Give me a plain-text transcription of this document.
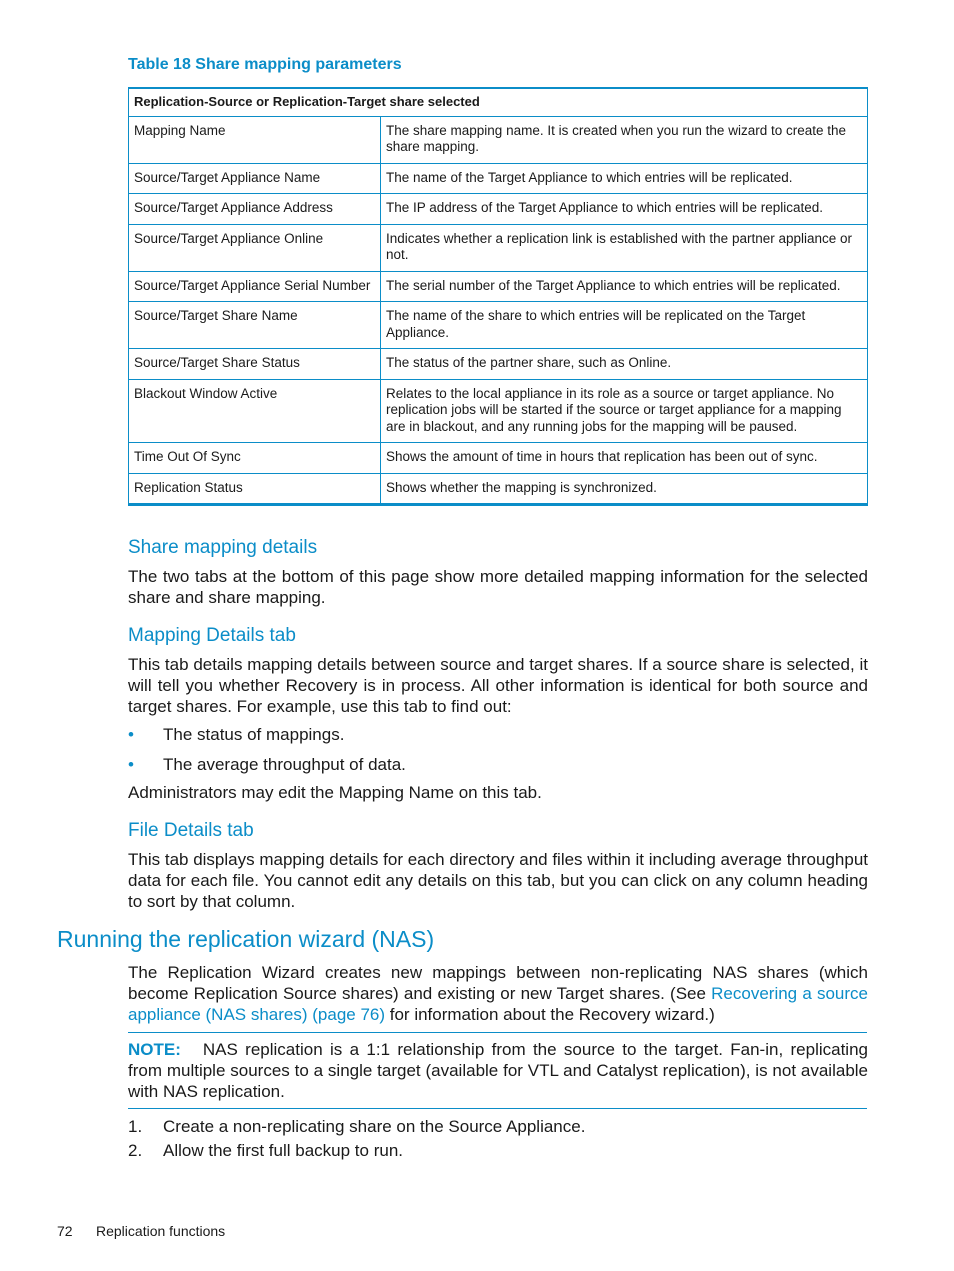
Table 18 Share mapping parameters
Replication-Source or Replication-Target share selected	
Mapping Name	The share mapping name. It is created when you run the wizard to create the share mapping.
Source/Target Appliance Name	The name of the Target Appliance to which entries will be replicated.
Source/Target Appliance Address	The IP address of the Target Appliance to which entries will be replicated.
Source/Target Appliance Online	Indicates whether a replication link is established with the partner appliance or not.
Source/Target Appliance Serial Number	The serial number of the Target Appliance to which entries will be replicated.
Source/Target Share Name	The name of the share to which entries will be replicated on the Target Appliance.
Source/Target Share Status	The status of the partner share, such as Online.
Blackout Window Active	Relates to the local appliance in its role as a source or target appliance. No replication jobs will be started if the source or target appliance for a mapping are in blackout, and any running jobs for the mapping will be paused.
Time Out Of Sync	Shows the amount of time in hours that replication has been out of sync.
Replication Status	Shows whether the mapping is synchronized.
Share mapping details
The two tabs at the bottom of this page show more detailed mapping information for the selected share and share mapping.
Mapping Details tab
This tab details mapping details between source and target shares. If a source share is selected, it will tell you whether Recovery is in process. All other information is identical for both source and target shares. For example, use this tab to find out:
• The status of mappings.
• The average throughput of data.
Administrators may edit the Mapping Name on this tab.
File Details tab
This tab displays mapping details for each directory and files within it including average throughput data for each file. You cannot edit any details on this tab, but you can click on any column heading to sort by that column.
Running the replication wizard (NAS)
The Replication Wizard creates new mappings between non-replicating NAS shares (which become Replication Source shares) and existing or new Target shares. (See Recovering a source appliance (NAS shares) (page 76) for information about the Recovery wizard.)
NOTE: NAS replication is a 1:1 relationship from the source to the target. Fan-in, replicating from multiple sources to a single target (available for VTL and Catalyst replication), is not available with NAS replication.
1. Create a non-replicating share on the Source Appliance.
2. Allow the first full backup to run.
72 Replication functions
